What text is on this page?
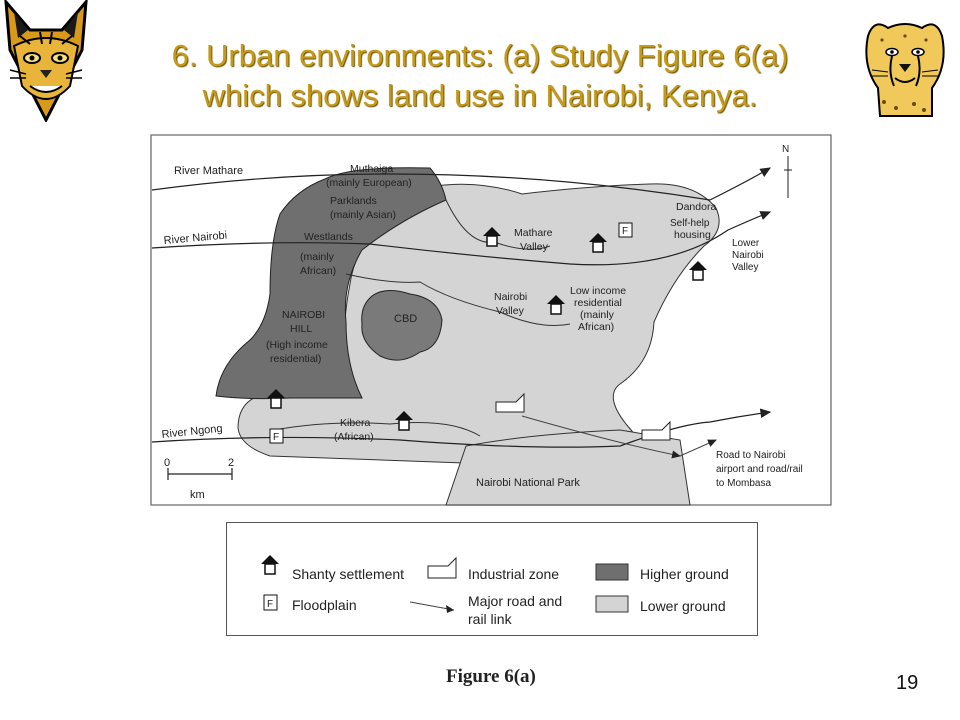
6. Urban environments: (a) Study Figure 6(a)
which shows land use in Nairobi, Kenya.
N
F
F
River Mathare
River Nairobi
River Ngong
Muthaiga
(mainly European)
Parklands
(mainly Asian)
Westlands
(mainly
African)
NAIROBI
HILL
(High income
residential)
CBD
Mathare
Valley
Dandora
Self-help
housing
Lower
Nairobi
Valley
Nairobi
Valley
Low income
residential
(mainly
African)
Kibera
(African)
Nairobi National Park
Road to Nairobi
airport and road/rail
to Mombasa
0	2
km
Shanty settlement	Industrial zone	Higher ground
F Floodplain	Major road and
rail link
Lower ground
Figure 6(a)	19
